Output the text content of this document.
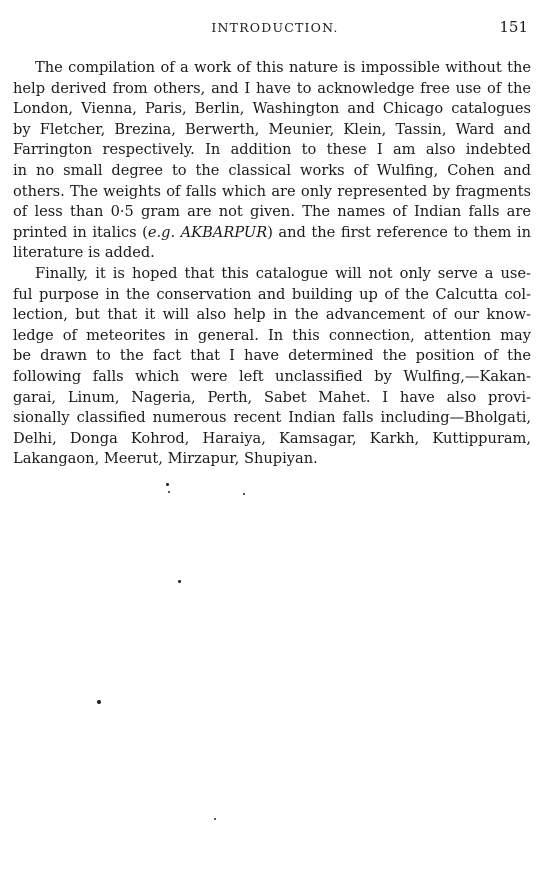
INTRODUCTION.	151
The compilation of a work of this nature is impossible without the
help derived from others, and I have to acknowledge free use of the
London, Vienna, Paris, Berlin, Washington and Chicago catalogues
by Fletcher, Brezina, Berwerth, Meunier, Klein, Tassin, Ward and
Farrington respectively. In addition to these I am also indebted
in no small degree to the classical works of Wulfing, Cohen and
others. The weights of falls which are only represented by fragments
of less than 0·5 gram are not given. The names of Indian falls are
printed in italics (e.g. AKBARPUR) and the first reference to them in
literature is added.
Finally, it is hoped that this catalogue will not only serve a use-
ful purpose in the conservation and building up of the Calcutta col-
lection, but that it will also help in the advancement of our know-
ledge of meteorites in general. In this connection, attention may
be drawn to the fact that I have determined the position of the
following falls which were left unclassified by Wulfing,—Kakan-
garai, Linum, Nageria, Perth, Sabet Mahet. I have also provi-
sionally classified numerous recent Indian falls including—Bholgati,
Delhi, Donga Kohrod, Haraiya, Kamsagar, Karkh, Kuttippuram,
Lakangaon, Meerut, Mirzapur, Shupiyan.
